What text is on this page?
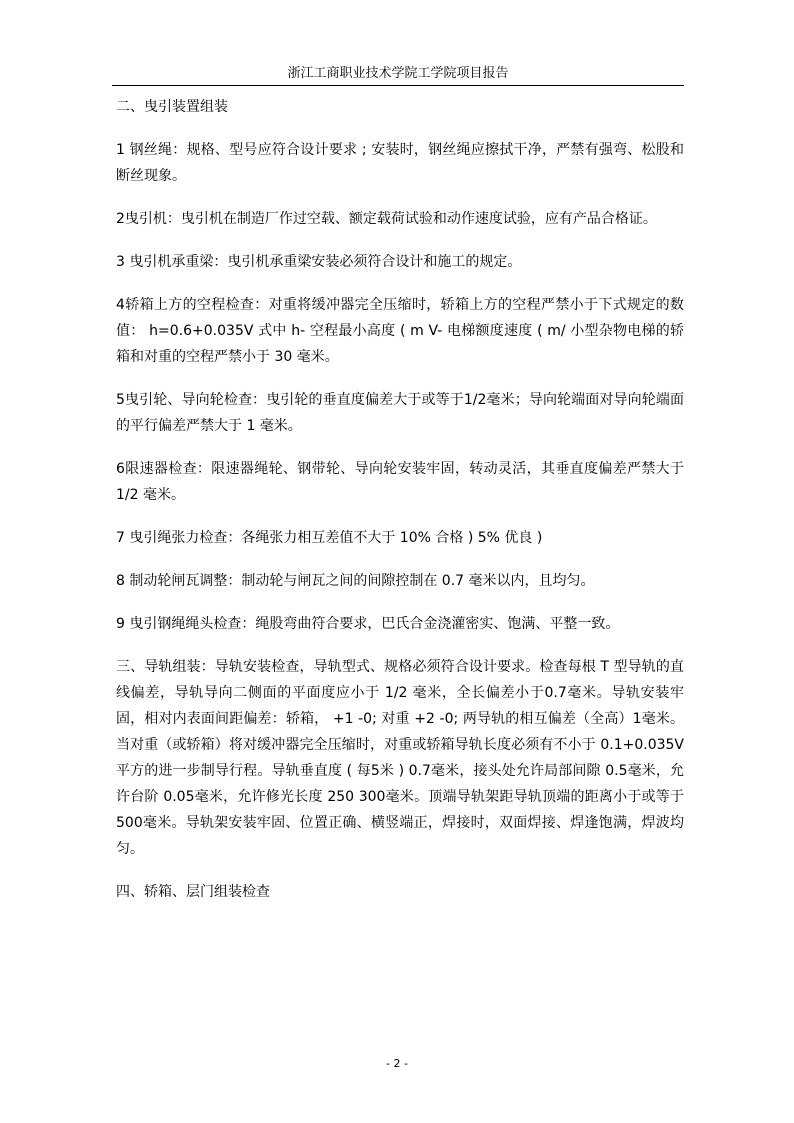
浙江工商职业技术学院工学院项目报告

二、曳引装置组装

1 钢丝绳：规格、型号应符合设计要求 ; 安装时，钢丝绳应擦拭干净，严禁有强弯、松股和断丝现象。

2曳引机：曳引机在制造厂作过空载、额定载荷试验和动作速度试验，应有产品合格证。

3 曳引机承重梁：曳引机承重梁安装必须符合设计和施工的规定。

4轿箱上方的空程检查：对重将缓冲器完全压缩时，轿箱上方的空程严禁小于下式规定的数值： h=0.6+0.035V 式中 h- 空程最小高度 ( m V- 电梯额度速度 ( m/ 小型杂物电梯的轿箱和对重的空程严禁小于 30 毫米。

5曳引轮、导向轮检查：曳引轮的垂直度偏差大于或等于1/2毫米；导向轮端面对导向轮端面的平行偏差严禁大于 1 毫米。

6限速器检查：限速器绳轮、钢带轮、导向轮安装牢固，转动灵活，其垂直度偏差严禁大于 1/2 毫米。

7 曳引绳张力检查：各绳张力相互差值不大于 10% 合格 ) 5% 优良 )

8 制动轮闸瓦调整：制动轮与闸瓦之间的间隙控制在 0.7 毫米以内，且均匀。

9 曳引钢绳绳头检查：绳股弯曲符合要求，巴氏合金浇灌密实、饱满、平整一致。

三、导轨组装：导轨安装检查，导轨型式、规格必须符合设计要求。检查每根 T 型导轨的直线偏差，导轨导向二侧面的平面度应小于 1/2 毫米，全长偏差小于0.7毫米。导轨安装牢固，相对内表面间距偏差：轿箱， +1 -0; 对重 +2 -0; 两导轨的相互偏差（全高）1毫米。当对重（或轿箱）将对缓冲器完全压缩时，对重或轿箱导轨长度必须有不小于 0.1+0.035V 平方的进一步制导行程。导轨垂直度 ( 每5米 ) 0.7毫米，接头处允许局部间隙 0.5毫米，允许台阶 0.05毫米，允许修光长度 250 300毫米。顶端导轨架距导轨顶端的距离小于或等于500毫米。导轨架安装牢固、位置正确、横竖端正，焊接时，双面焊接、焊逢饱满，焊波均匀。

四、轿箱、层门组装检查

- 2 -
